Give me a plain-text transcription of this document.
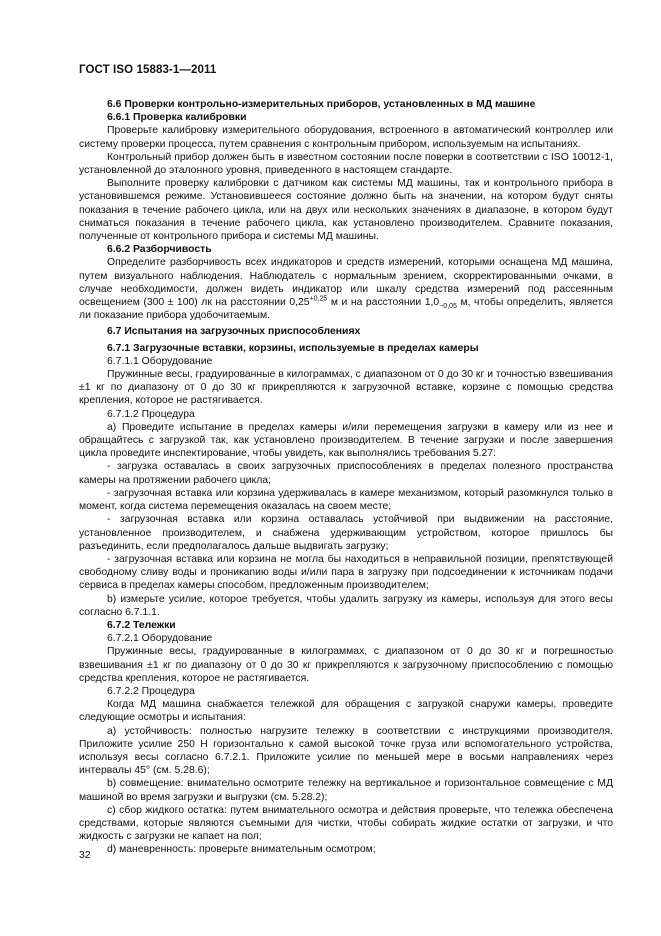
ГОСТ ISO 15883-1—2011

6.6 Проверки контрольно-измерительных приборов, установленных в МД машине

6.6.1 Проверка калибровки

Проверьте калибровку измерительного оборудования, встроенного в автоматический контроллер или систему проверки процесса, путем сравнения с контрольным прибором, используемым на испытаниях.

Контрольный прибор должен быть в известном состоянии после поверки в соответствии с ISO 10012-1, установленной до эталонного уровня, приведенного в настоящем стандарте.

Выполните проверку калибровки с датчиком как системы МД машины, так и контрольного прибора в установившемся режиме. Установившееся состояние должно быть на значении, на котором будут сняты показания в течение рабочего цикла, или на двух или нескольких значениях в диапазоне, в котором будут сниматься показания в течение рабочего цикла, как установлено производителем. Сравните показания, полученные от контрольного прибора и системы МД машины.

6.6.2 Разборчивость

Определите разборчивость всех индикаторов и средств измерений, которыми оснащена МД машина, путем визуального наблюдения. Наблюдатель с нормальным зрением, скорректированными очками, в случае необходимости, должен видеть индикатор или шкалу средства измерений под рассеянным освещением (300 ± 100) лк на расстоянии $0,25^{+0,25}$ м и на расстоянии $1,0_{-0,05}$ м, чтобы определить, является ли показание прибора удобочитаемым.

6.7 Испытания на загрузочных приспособлениях

6.7.1 Загрузочные вставки, корзины, используемые в пределах камеры

6.7.1.1 Оборудование

Пружинные весы, градуированные в килограммах, с диапазоном от 0 до 30 кг и точностью взвешивания ±1 кг по диапазону от 0 до 30 кг прикрепляются к загрузочной вставке, корзине с помощью средства крепления, которое не растягивается.

6.7.1.2 Процедура

а) Проведите испытание в пределах камеры и/или перемещения загрузки в камеру или из нее и обращайтесь с загрузкой так, как установлено производителем. В течение загрузки и после завершения цикла проведите инспектирование, чтобы увидеть, как выполнялись требования 5.27:

- загрузка оставалась в своих загрузочных приспособлениях в пределах полезного пространства камеры на протяжении рабочего цикла;

- загрузочная вставка или корзина удерживалась в камере механизмом, который разомкнулся только в момент, когда система перемещения оказалась на своем месте;

- загрузочная вставка или корзина оставалась устойчивой при выдвижении на расстояние, установленное производителем, и снабжена удерживающим устройством, которое пришлось бы разъединить, если предполагалось дальше выдвигать загрузку;

- загрузочная вставка или корзина не могла бы находиться в неправильной позиции, препятствующей свободному сливу воды и проникanию воды и/или пара в загрузку при подсоединении к источникам подачи сервиса в пределах камеры способом, предложенным производителем;

b) измерьте усилие, которое требуется, чтобы удалить загрузку из камеры, используя для этого весы согласно 6.7.1.1.

6.7.2 Тележки

6.7.2.1 Оборудование

Пружинные весы, градуированные в килограммах, с диапазоном от 0 до 30 кг и погрешностью взвешивания ±1 кг по диапазону от 0 до 30 кг прикрепляются к загрузочному приспособлению с помощью средства крепления, которое не растягивается.

6.7.2.2 Процедура

Когда МД машина снабжается тележкой для обращения с загрузкой снаружи камеры, проведите следующие осмотры и испытания:

а) устойчивость: полностью нагрузите тележку в соответствии с инструкциями производителя. Приложите усилие 250 Н горизонтально к самой высокой точке груза или вспомогательного устройства, используя весы согласно 6.7.2.1. Приложите усилие по меньшей мере в восьми направлениях через интервалы 45° (см. 5.28.6);

b) совмещение: внимательно осмотрите тележку на вертикальное и горизонтальное совмещение с МД машиной во время загрузки и выгрузки (см. 5.28.2);

c) сбор жидкого остатка: путем внимательного осмотра и действия проверьте, что тележка обеспечена средствами, которые являются съемными для чистки, чтобы собирать жидкие остатки от загрузки, и что жидкость с загрузки не капает на пол;

d) маневренность: проверьте внимательным осмотром;

32
